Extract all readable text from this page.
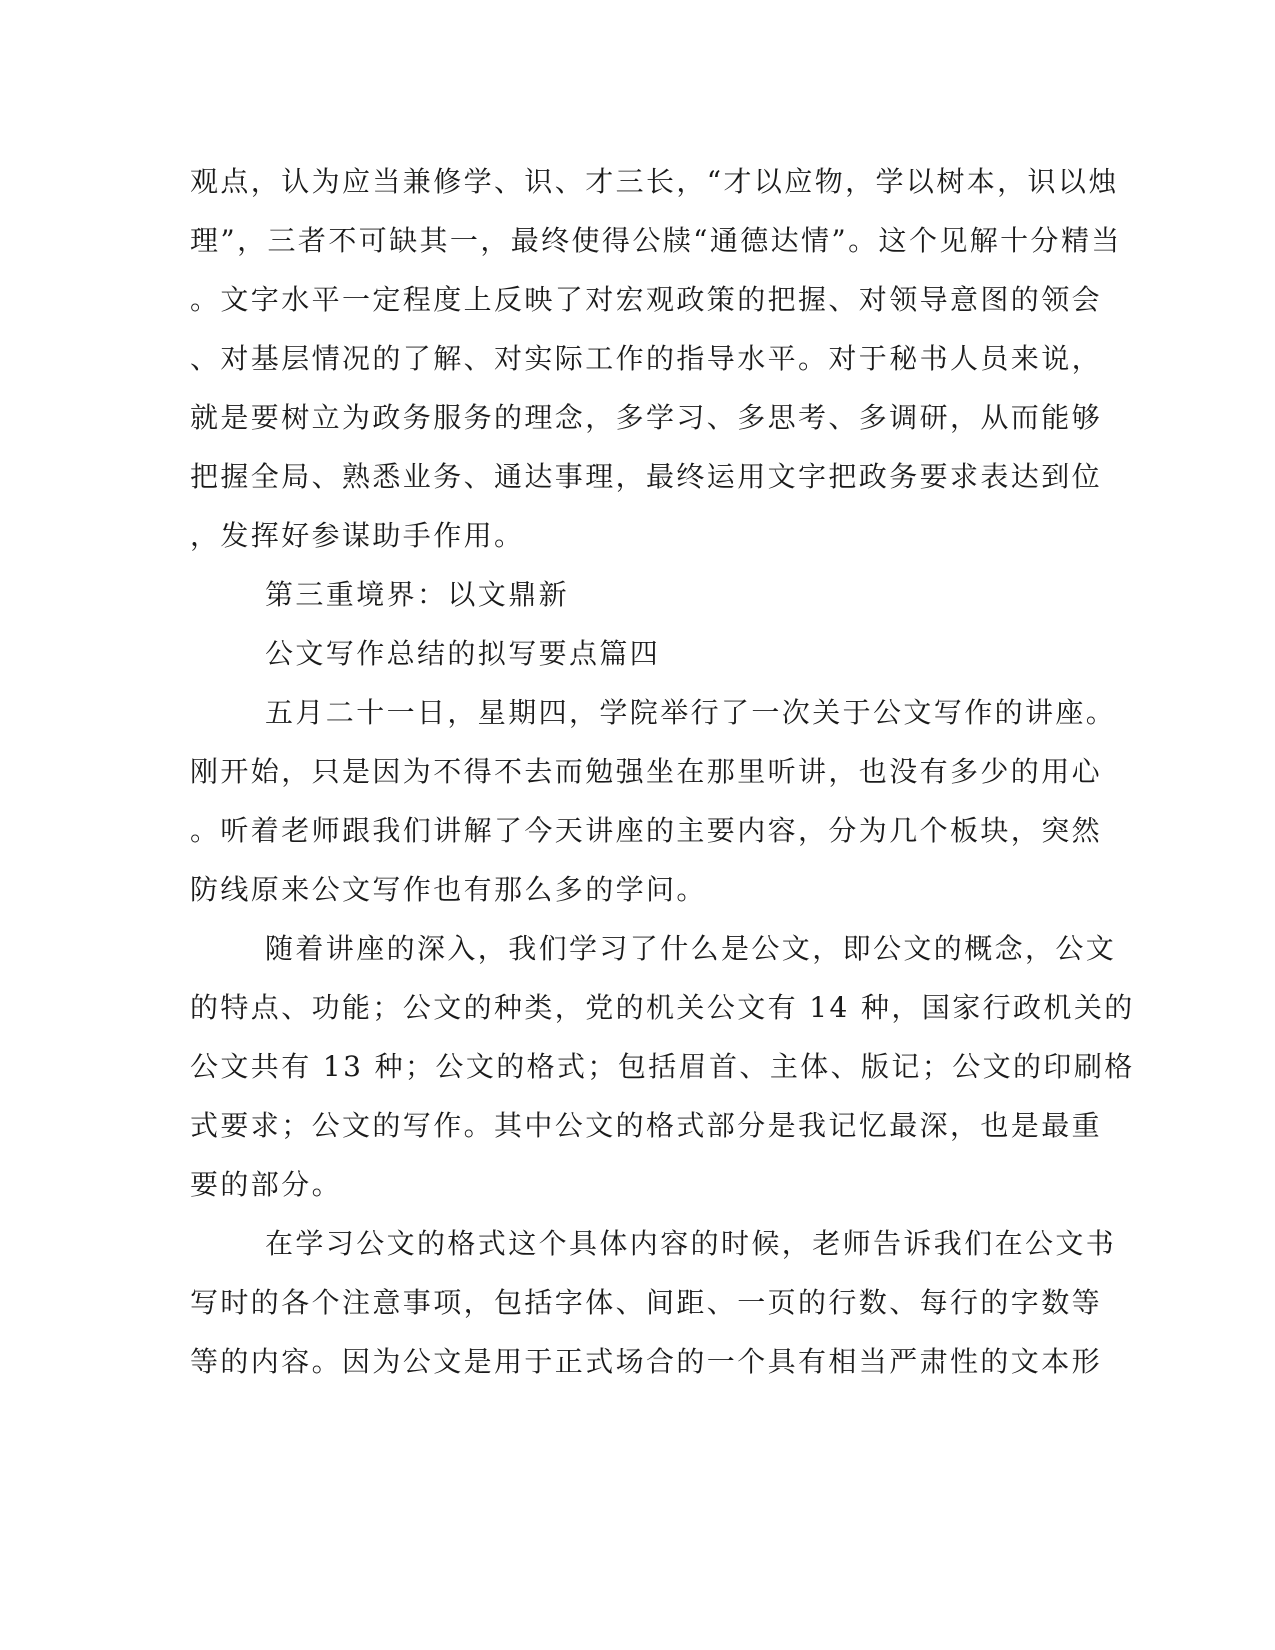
观点，认为应当兼修学、识、才三长，“才以应物，学以树本，识以烛
理”，三者不可缺其一，最终使得公牍“通德达情”。这个见解十分精当
。文字水平一定程度上反映了对宏观政策的把握、对领导意图的领会
、对基层情况的了解、对实际工作的指导水平。对于秘书人员来说，
就是要树立为政务服务的理念，多学习、多思考、多调研，从而能够
把握全局、熟悉业务、通达事理，最终运用文字把政务要求表达到位
，发挥好参谋助手作用。
第三重境界：以文鼎新
公文写作总结的拟写要点篇四
五月二十一日，星期四，学院举行了一次关于公文写作的讲座。
刚开始，只是因为不得不去而勉强坐在那里听讲，也没有多少的用心
。听着老师跟我们讲解了今天讲座的主要内容，分为几个板块，突然
防线原来公文写作也有那么多的学问。
随着讲座的深入，我们学习了什么是公文，即公文的概念，公文
的特点、功能；公文的种类，党的机关公文有 14 种，国家行政机关的
公文共有 13 种；公文的格式；包括眉首、主体、版记；公文的印刷格
式要求；公文的写作。其中公文的格式部分是我记忆最深，也是最重
要的部分。
在学习公文的格式这个具体内容的时候，老师告诉我们在公文书
写时的各个注意事项，包括字体、间距、一页的行数、每行的字数等
等的内容。因为公文是用于正式场合的一个具有相当严肃性的文本形
